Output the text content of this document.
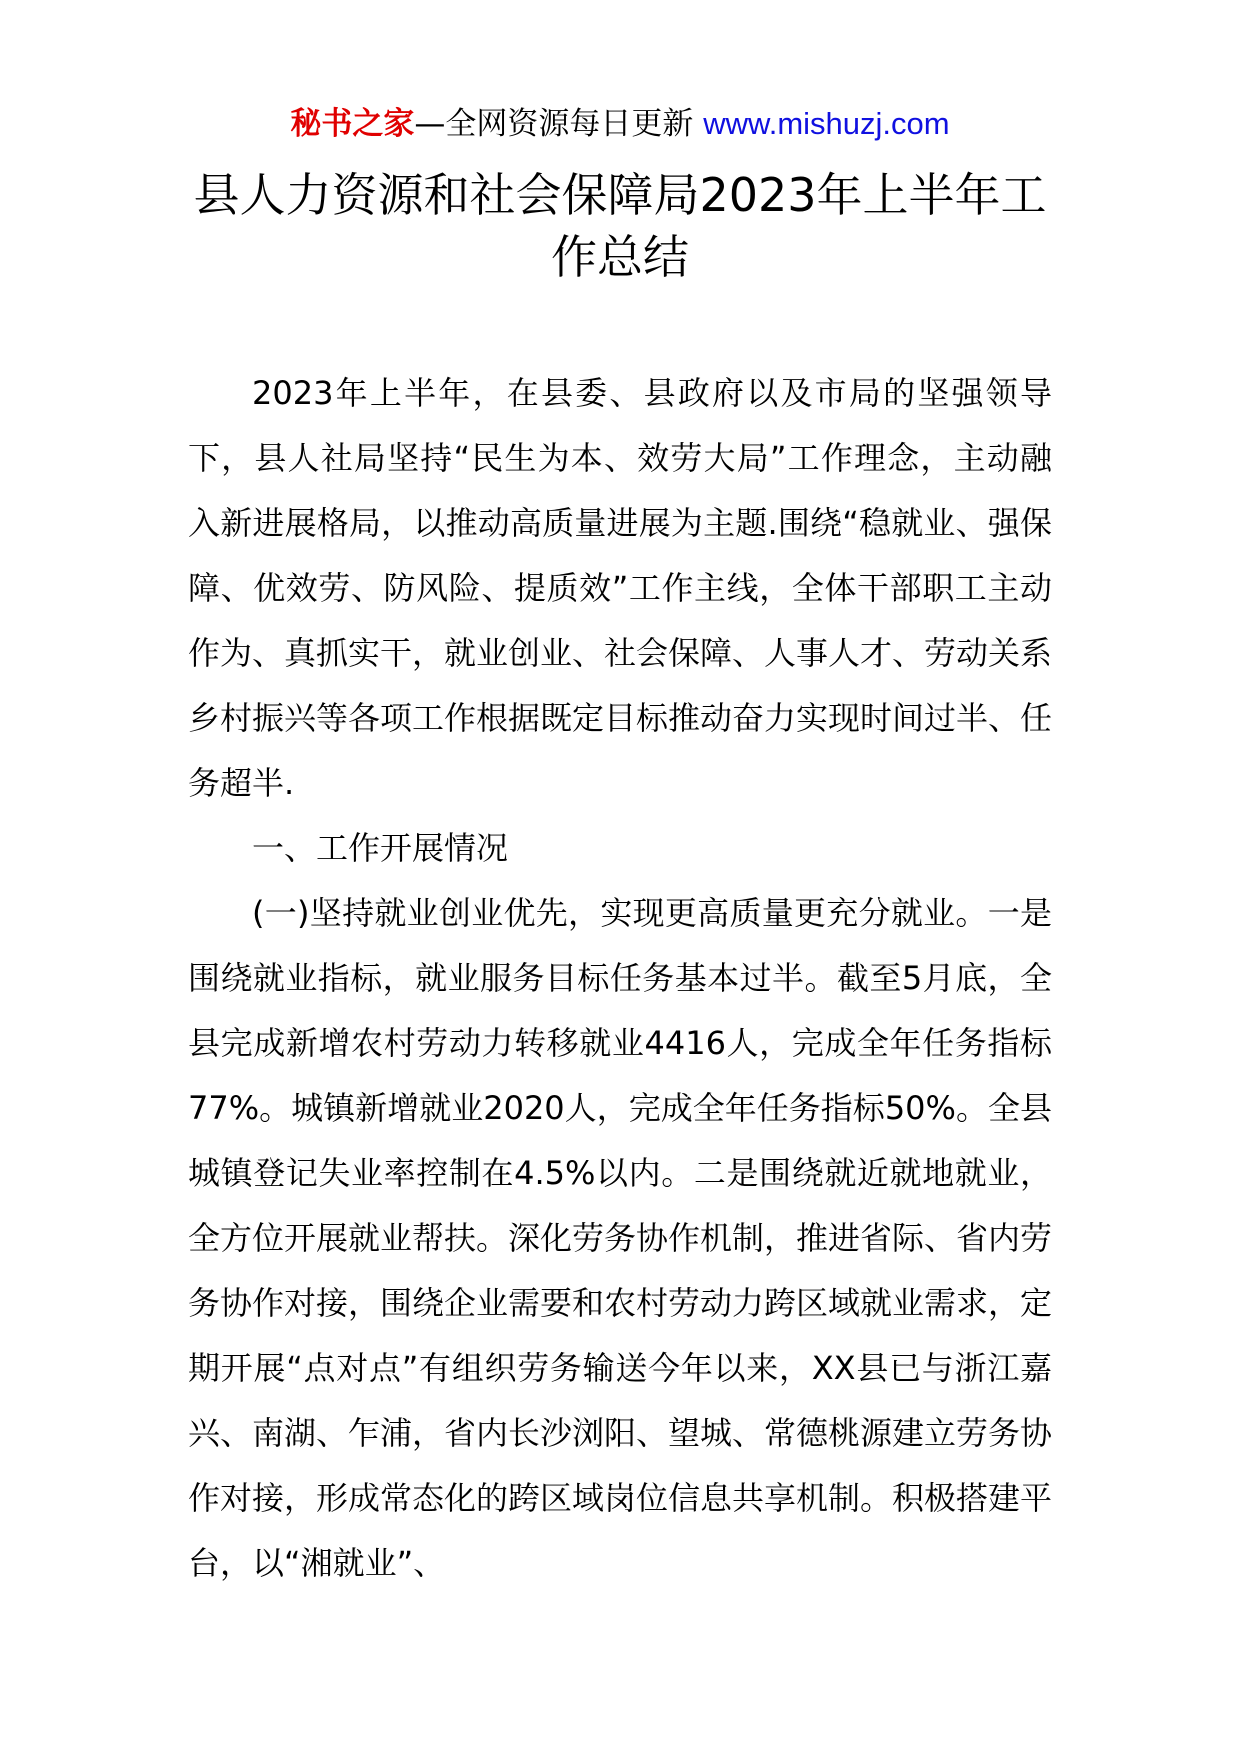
秘书之家—全网资源每日更新 www.mishuzj.com
县人力资源和社会保障局2023年上半年工作总结

2023年上半年，在县委、县政府以及市局的坚强领导下，县人社局坚持“民生为本、效劳大局”工作理念，主动融入新进展格局，以推动高质量进展为主题.围绕“稳就业、强保障、优效劳、防风险、提质效”工作主线，全体干部职工主动作为、真抓实干，就业创业、社会保障、人事人才、劳动关系乡村振兴等各项工作根据既定目标推动奋力实现时间过半、任务超半.

一、工作开展情况

(一)坚持就业创业优先，实现更高质量更充分就业。一是围绕就业指标，就业服务目标任务基本过半。截至5月底，全县完成新增农村劳动力转移就业4416人，完成全年任务指标77%。城镇新增就业2020人，完成全年任务指标50%。全县城镇登记失业率控制在4.5%以内。二是围绕就近就地就业，全方位开展就业帮扶。深化劳务协作机制，推进省际、省内劳务协作对接，围绕企业需要和农村劳动力跨区域就业需求，定期开展“点对点”有组织劳务输送今年以来，XX县已与浙江嘉兴、南湖、乍浦，省内长沙浏阳、望城、常德桃源建立劳务协作对接，形成常态化的跨区域岗位信息共享机制。积极搭建平台，以“湘就业”、
